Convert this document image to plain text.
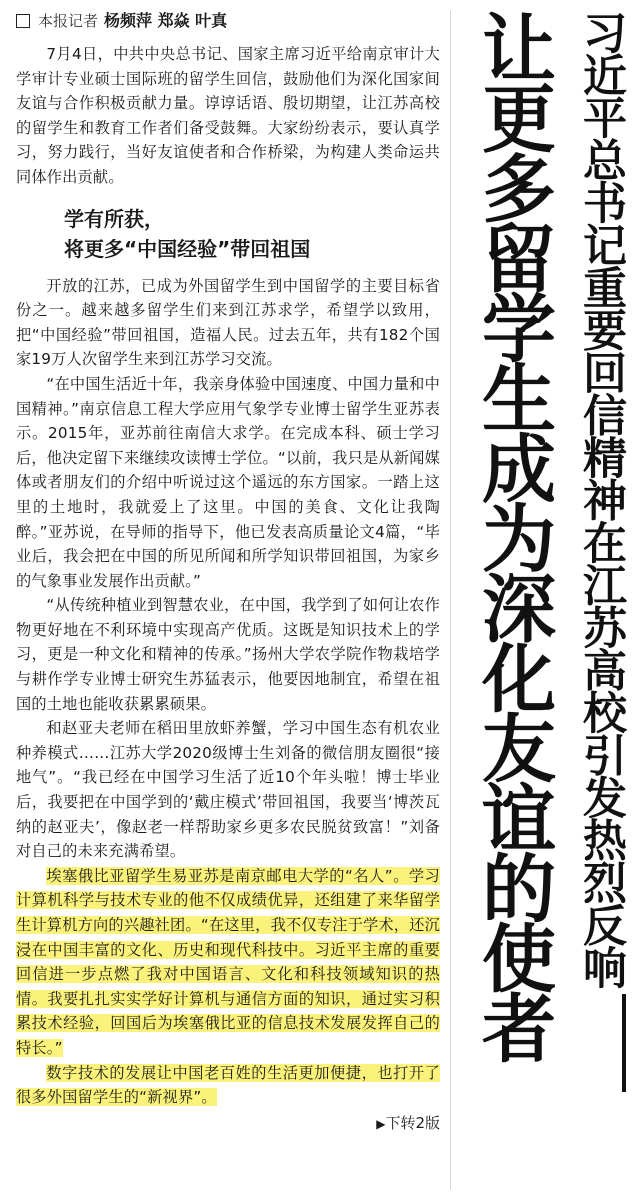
本报记者 杨频萍 郑焱 叶真

7月4日，中共中央总书记、国家主席习近平给南京审计大学审计专业硕士国际班的留学生回信，鼓励他们为深化国家间友谊与合作积极贡献力量。谆谆话语、殷切期望，让江苏高校的留学生和教育工作者们备受鼓舞。大家纷纷表示，要认真学习，努力践行，当好友谊使者和合作桥梁，为构建人类命运共同体作出贡献。

学有所获，
将更多“中国经验”带回祖国

开放的江苏，已成为外国留学生到中国留学的主要目标省份之一。越来越多留学生们来到江苏求学，希望学以致用，把“中国经验”带回祖国，造福人民。过去五年，共有182个国家19万人次留学生来到江苏学习交流。

“在中国生活近十年，我亲身体验中国速度、中国力量和中国精神。”南京信息工程大学应用气象学专业博士留学生亚苏表示。2015年，亚苏前往南信大求学。在完成本科、硕士学习后，他决定留下来继续攻读博士学位。“以前，我只是从新闻媒体或者朋友们的介绍中听说过这个遥远的东方国家。一踏上这里的土地时，我就爱上了这里。中国的美食、文化让我陶醉。”亚苏说，在导师的指导下，他已发表高质量论文4篇，“毕业后，我会把在中国的所见所闻和所学知识带回祖国，为家乡的气象事业发展作出贡献。”

“从传统种植业到智慧农业，在中国，我学到了如何让农作物更好地在不利环境中实现高产优质。这既是知识技术上的学习，更是一种文化和精神的传承。”扬州大学农学院作物栽培学与耕作学专业博士研究生苏猛表示，他要因地制宜，希望在祖国的土地也能收获累累硕果。

和赵亚夫老师在稻田里放虾养蟹，学习中国生态有机农业种养模式……江苏大学2020级博士生刘备的微信朋友圈很“接地气”。“我已经在中国学习生活了近10个年头啦！博士毕业后，我要把在中国学到的‘戴庄模式’带回祖国，我要当‘博茨瓦纳的赵亚夫’，像赵老一样帮助家乡更多农民脱贫致富！”刘备对自己的未来充满希望。

埃塞俄比亚留学生易亚苏是南京邮电大学的“名人”。学习计算机科学与技术专业的他不仅成绩优异，还组建了来华留学生计算机方向的兴趣社团。“在这里，我不仅专注于学术，还沉浸在中国丰富的文化、历史和现代科技中。习近平主席的重要回信进一步点燃了我对中国语言、文化和科技领域知识的热情。我要扎扎实实学好计算机与通信方面的知识，通过实习积累技术经验，回国后为埃塞俄比亚的信息技术发展发挥自己的特长。”

数字技术的发展让中国老百姓的生活更加便捷，也打开了很多外国留学生的“新视界”。

▶下转2版
让更多留学生成为深化友谊的使者 习近平总书记重要回信精神在江苏高校引发热烈反响
